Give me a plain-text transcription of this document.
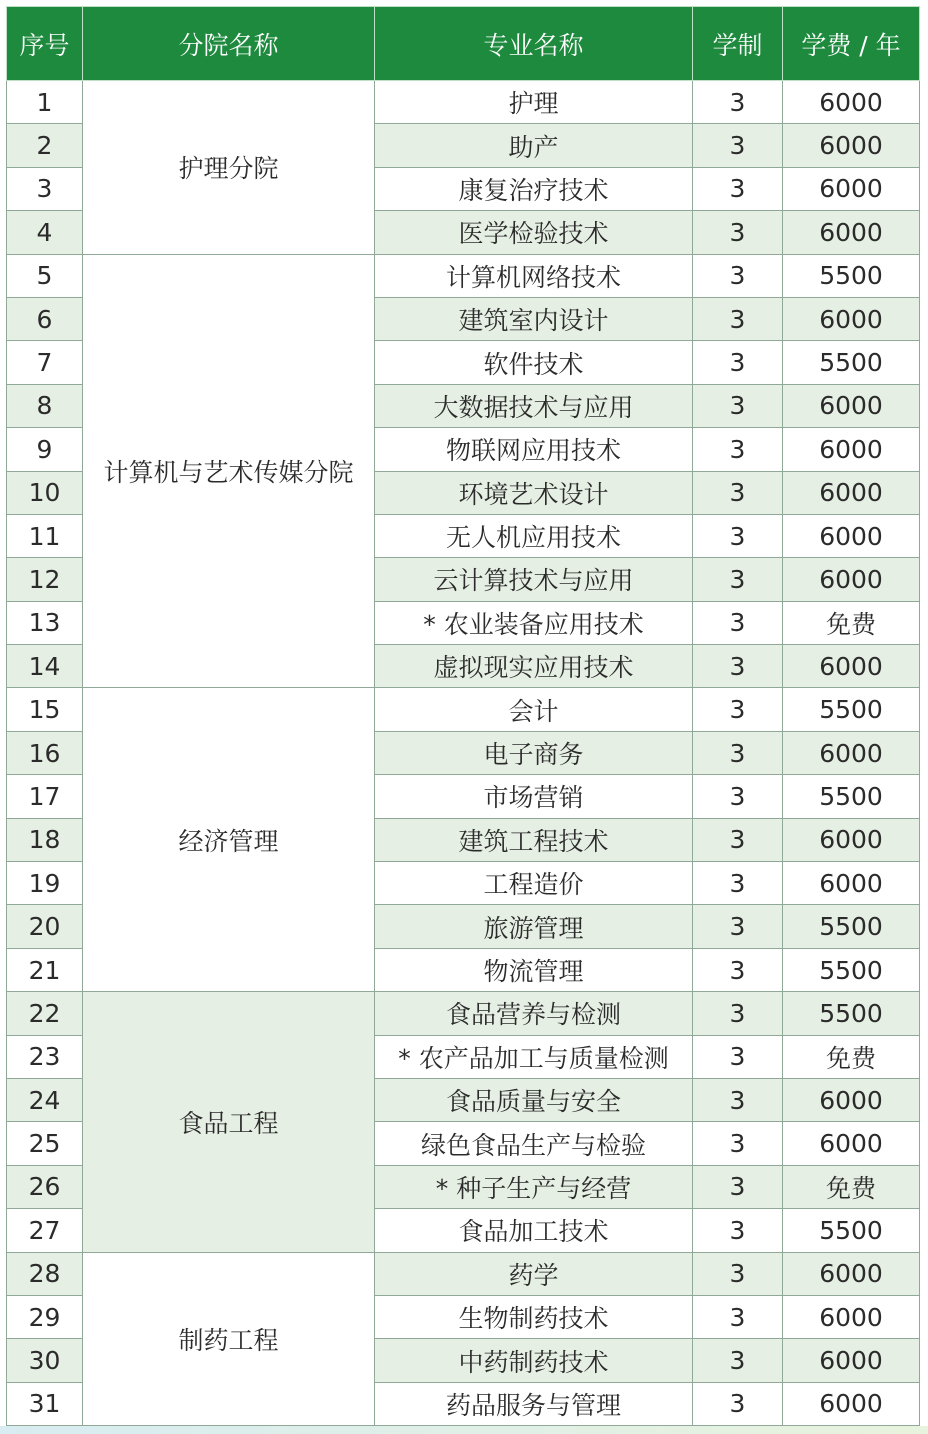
序号	分院名称	专业名称	学制	学费 / 年
1	护理分院	护理	3	6000
2		助产	3	6000
3		康复治疗技术	3	6000
4		医学检验技术	3	6000
5	计算机与艺术传媒分院	计算机网络技术	3	5500
6		建筑室内设计	3	6000
7		软件技术	3	5500
8		大数据技术与应用	3	6000
9		物联网应用技术	3	6000
10		环境艺术设计	3	6000
11		无人机应用技术	3	6000
12		云计算技术与应用	3	6000
13		* 农业装备应用技术	3	免费
14		虚拟现实应用技术	3	6000
15	经济管理	会计	3	5500
16		电子商务	3	6000
17		市场营销	3	5500
18		建筑工程技术	3	6000
19		工程造价	3	6000
20		旅游管理	3	5500
21		物流管理	3	5500
22	食品工程	食品营养与检测	3	5500
23		* 农产品加工与质量检测	3	免费
24		食品质量与安全	3	6000
25		绿色食品生产与检验	3	6000
26		* 种子生产与经营	3	免费
27		食品加工技术	3	5500
28	制药工程	药学	3	6000
29		生物制药技术	3	6000
30		中药制药技术	3	6000
31		药品服务与管理	3	6000
